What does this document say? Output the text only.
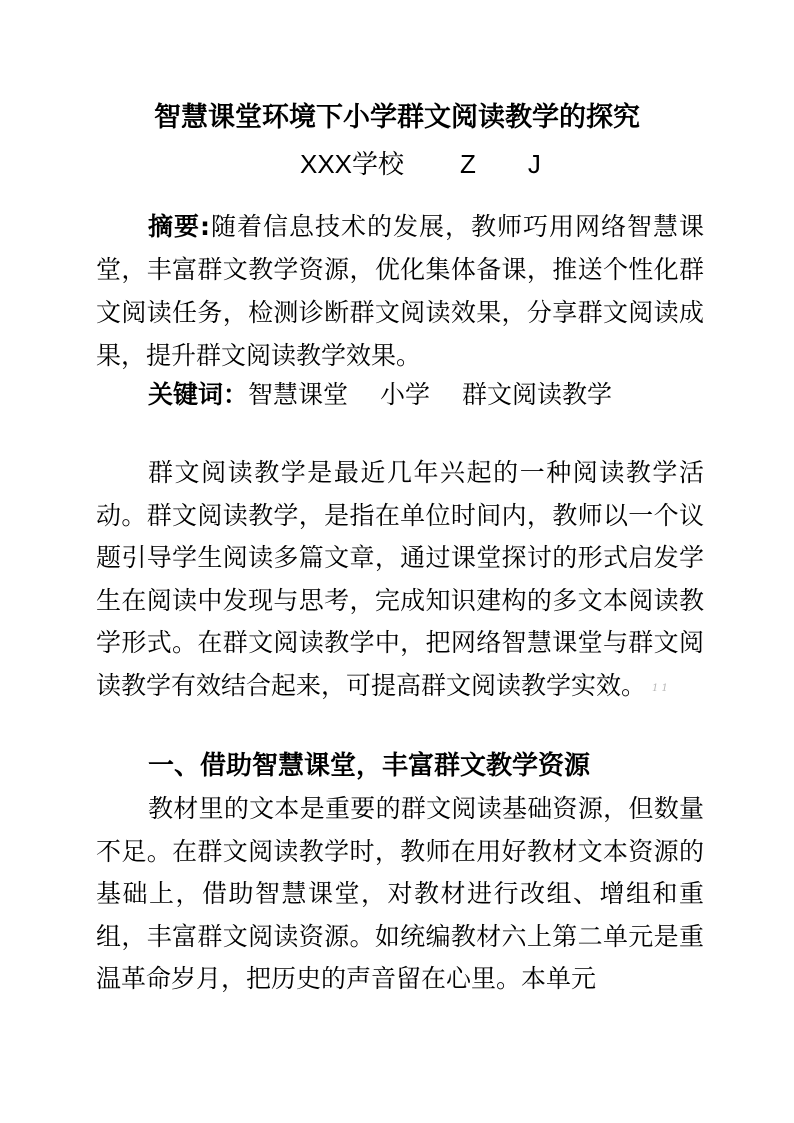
智慧课堂环境下小学群文阅读教学的探究
XXX学校 Z J
摘要:随着信息技术的发展，教师巧用网络智慧课堂，丰富群文教学资源，优化集体备课，推送个性化群文阅读任务，检测诊断群文阅读效果，分享群文阅读成果，提升群文阅读教学效果。
关键词：智慧课堂 小学 群文阅读教学
群文阅读教学是最近几年兴起的一种阅读教学活动。群文阅读教学，是指在单位时间内，教师以一个议题引导学生阅读多篇文章，通过课堂探讨的形式启发学生在阅读中发现与思考，完成知识建构的多文本阅读教学形式。在群文阅读教学中，把网络智慧课堂与群文阅读教学有效结合起来，可提高群文阅读教学实效。 1 1
一、借助智慧课堂，丰富群文教学资源
教材里的文本是重要的群文阅读基础资源，但数量不足。在群文阅读教学时，教师在用好教材文本资源的基础上，借助智慧课堂，对教材进行改组、增组和重组，丰富群文阅读资源。如统编教材六上第二单元是重温革命岁月，把历史的声音留在心里。本单元
